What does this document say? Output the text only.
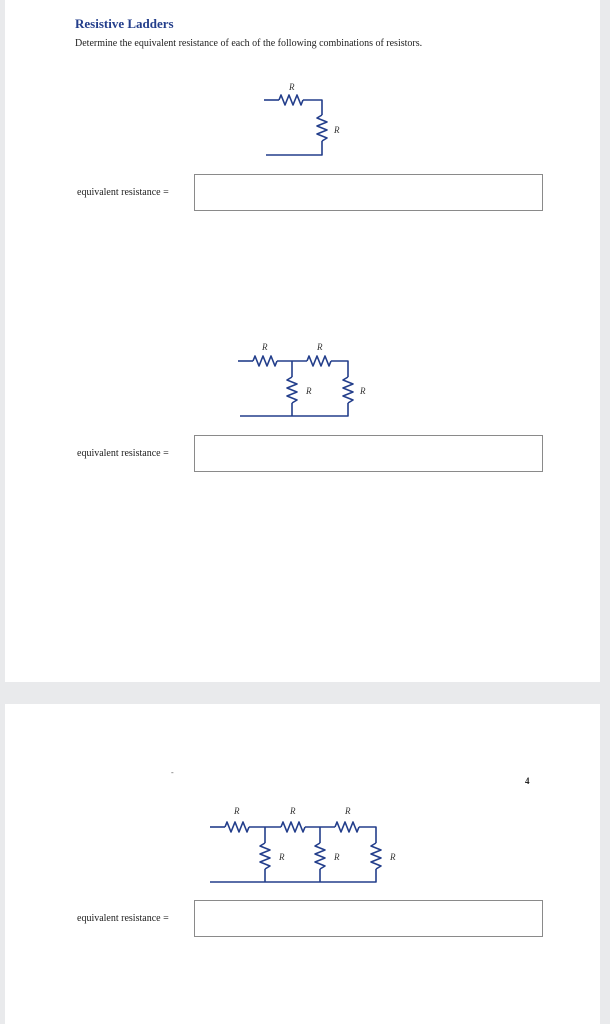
Resistive Ladders
Determine the equivalent resistance of each of the following combinations of resistors.
R
R
equivalent resistance =
R	R
R	R
equivalent resistance =
-
4
R	R	R
R	R	R
equivalent resistance =
